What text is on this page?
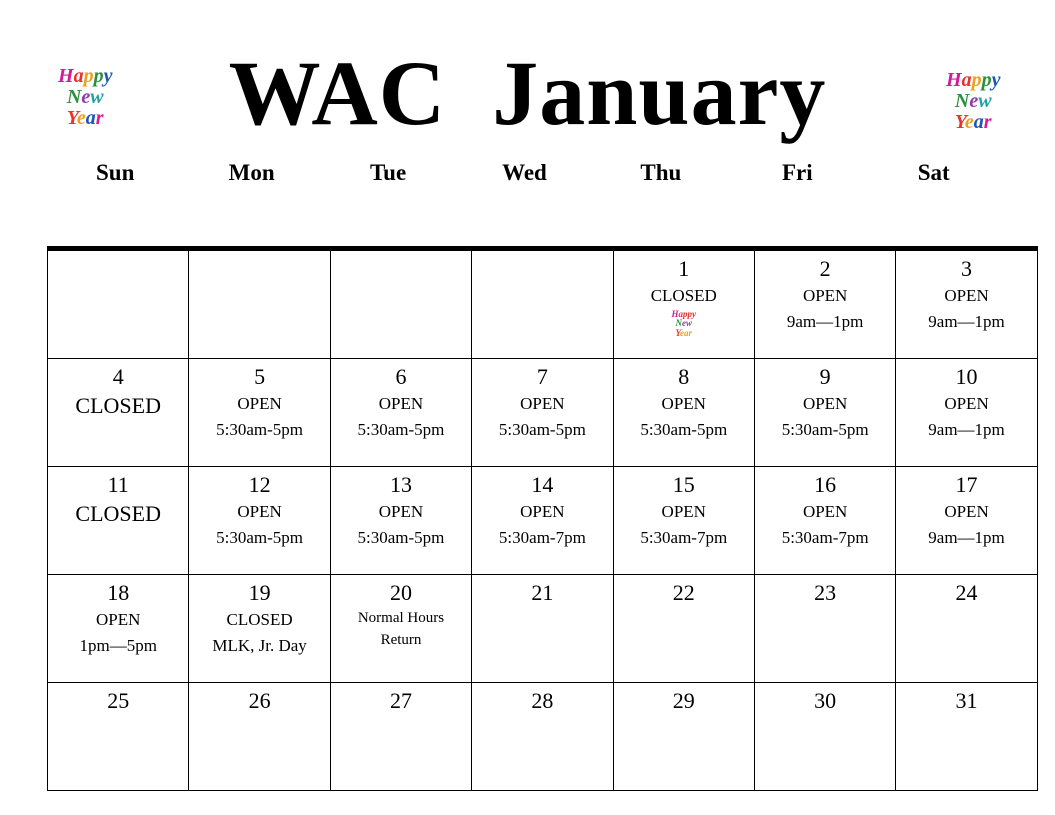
WAC January
Happy
New
Year
Happy
New
Year
Sun	Mon	Tue	Wed	Thu	Fri	Sat

				1
CLOSED
Happy
New
Year	2
OPEN
9am—1pm	3
OPEN
9am—1pm

4
CLOSED	5
OPEN
5:30am-5pm	6
OPEN
5:30am-5pm	7
OPEN
5:30am-5pm	8
OPEN
5:30am-5pm	9
OPEN
5:30am-5pm	10
OPEN
9am—1pm

11
CLOSED	12
OPEN
5:30am-5pm	13
OPEN
5:30am-5pm	14
OPEN
5:30am-7pm	15
OPEN
5:30am-7pm	16
OPEN
5:30am-7pm	17
OPEN
9am—1pm

18
OPEN
1pm—5pm	19
CLOSED
MLK, Jr. Day	20
Normal Hours
Return	21	22	23	24

25	26	27	28	29	30	31
